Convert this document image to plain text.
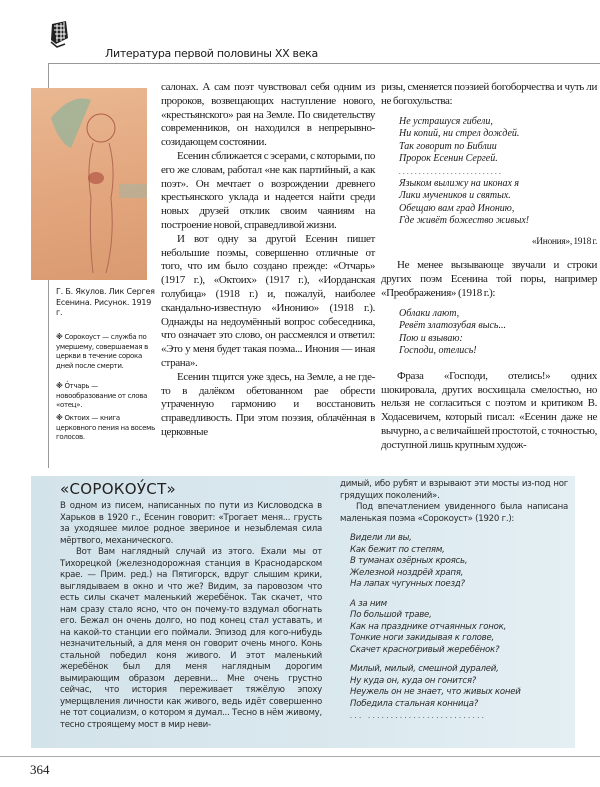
Литература первой половины XX века
Г. Б. Якулов. Лик Сергея Есенина. Рисунок. 1919 г.
※ Сорокоуст — служба по умершему, совершаемая в церкви в течение сорока дней после смерти.
※ О́тчарь — новообразование от слова «отец».
※ Октоих — книга церковного пения на восемь голосов.

салонах. А сам поэт чувствовал себя одним из пророков, возвещающих наступление нового, «крестьянского» рая на Земле. По свидетельству современников, он находился в непрерывно-созидающем состоянии.

Есенин сближается с эсерами, с которыми, по его же словам, работал «не как партийный, а как поэт». Он мечтает о возрождении древнего крестьянского уклада и надеется найти среди новых друзей отклик своим чаяниям на построение новой, справедливой жизни.

И вот одну за другой Есенин пишет небольшие поэмы, совершенно отличные от того, что им было создано прежде: «Отчарь» (1917 г.), «Октоих» (1917 г.), «Иорданская голубица» (1918 г.) и, пожалуй, наиболее скандально-известную «Инонию» (1918 г.). Однажды на недоумённый вопрос собеседника, что означает это слово, он рассмеялся и ответил: «Это у меня будет такая поэма... Инония — иная страна».

Есенин тщится уже здесь, на Земле, а не где-то в далёком обетованном рае обрести утраченную гармонию и восстановить справедливость. При этом поэзия, облачённая в церковные

ризы, сменяется поэзией богоборчества и чуть ли не богохульства:

Не устрашуся гибели,
Ни копий, ни стрел дождей.
Так говорит по Библии
Пророк Есенин Сергей.
..........................
Языком вылижу на иконах я
Лики мучеников и святых.
Обещаю вам град Инонию,
Где живёт божество живых!
«Инония», 1918 г.

Не менее вызывающе звучали и строки других поэм Есенина той поры, например «Преображения» (1918 г.):

Облаки лают,
Ревёт златозубая высь...
Пою и взываю:
Господи, отелись!

Фраза «Господи, отелись!» одних шокировала, других восхищала смелостью, но нельзя не согласиться с поэтом и критиком В. Ходасевичем, который писал: «Есенин даже не вычурно, а с величайшей простотой, с точностью, доступной лишь крупным худож-

«СОРОКОУ́СТ»

В одном из писем, написанных по пути из Кисловодска в Харьков в 1920 г., Есенин говорит: «Трогает меня... грусть за уходяшее милое родное звериное и незыблемая сила мёртвого, механического.

Вот Вам наглядный случай из этого. Ехали мы от Тихорецкой (железнодорожная станция в Краснодарском крае. — Прим. ред.) на Пятигорск, вдруг слышим крики, выглядываем в окно и что же? Видим, за паровозом что есть силы скачет маленький жеребёнок. Так скачет, что нам сразу стало ясно, что он почему-то вздумал обогнать его. Бежал он очень долго, но под конец стал уставать, и на какой-то станции его поймали. Эпизод для кого-нибудь незначительный, а для меня он говорит очень много. Конь стальной победил коня живого. И этот маленький жеребёнок был для меня наглядным дорогим вымирающим образом деревни... Мне очень грустно сейчас, что история переживает тяжёлую эпоху умерщвления личности как живого, ведь идёт совершенно не тот социализм, о котором я думал... Тесно в нём живому, тесно строящему мост в мир неви-

димый, ибо рубят и взрывают эти мосты из-под ног грядущих поколений».

Под впечатлением увиденного была написана маленькая поэма «Сорокоуст» (1920 г.):

Видели ли вы,
Как бежит по степям,
В туманах озёрных кроясь,
Железной ноздрёй храпя,
На лапах чугунных поезд?
А за ним
По большой траве,
Как на празднике отчаянных гонок,
Тонкие ноги закидывая к голове,
Скачет красногривый жеребёнок?
Милый, милый, смешной дуралей,
Ну куда он, куда он гонится?
Неужель он не знает, что живых коней
Победила стальная конница?
... ..........................
364
